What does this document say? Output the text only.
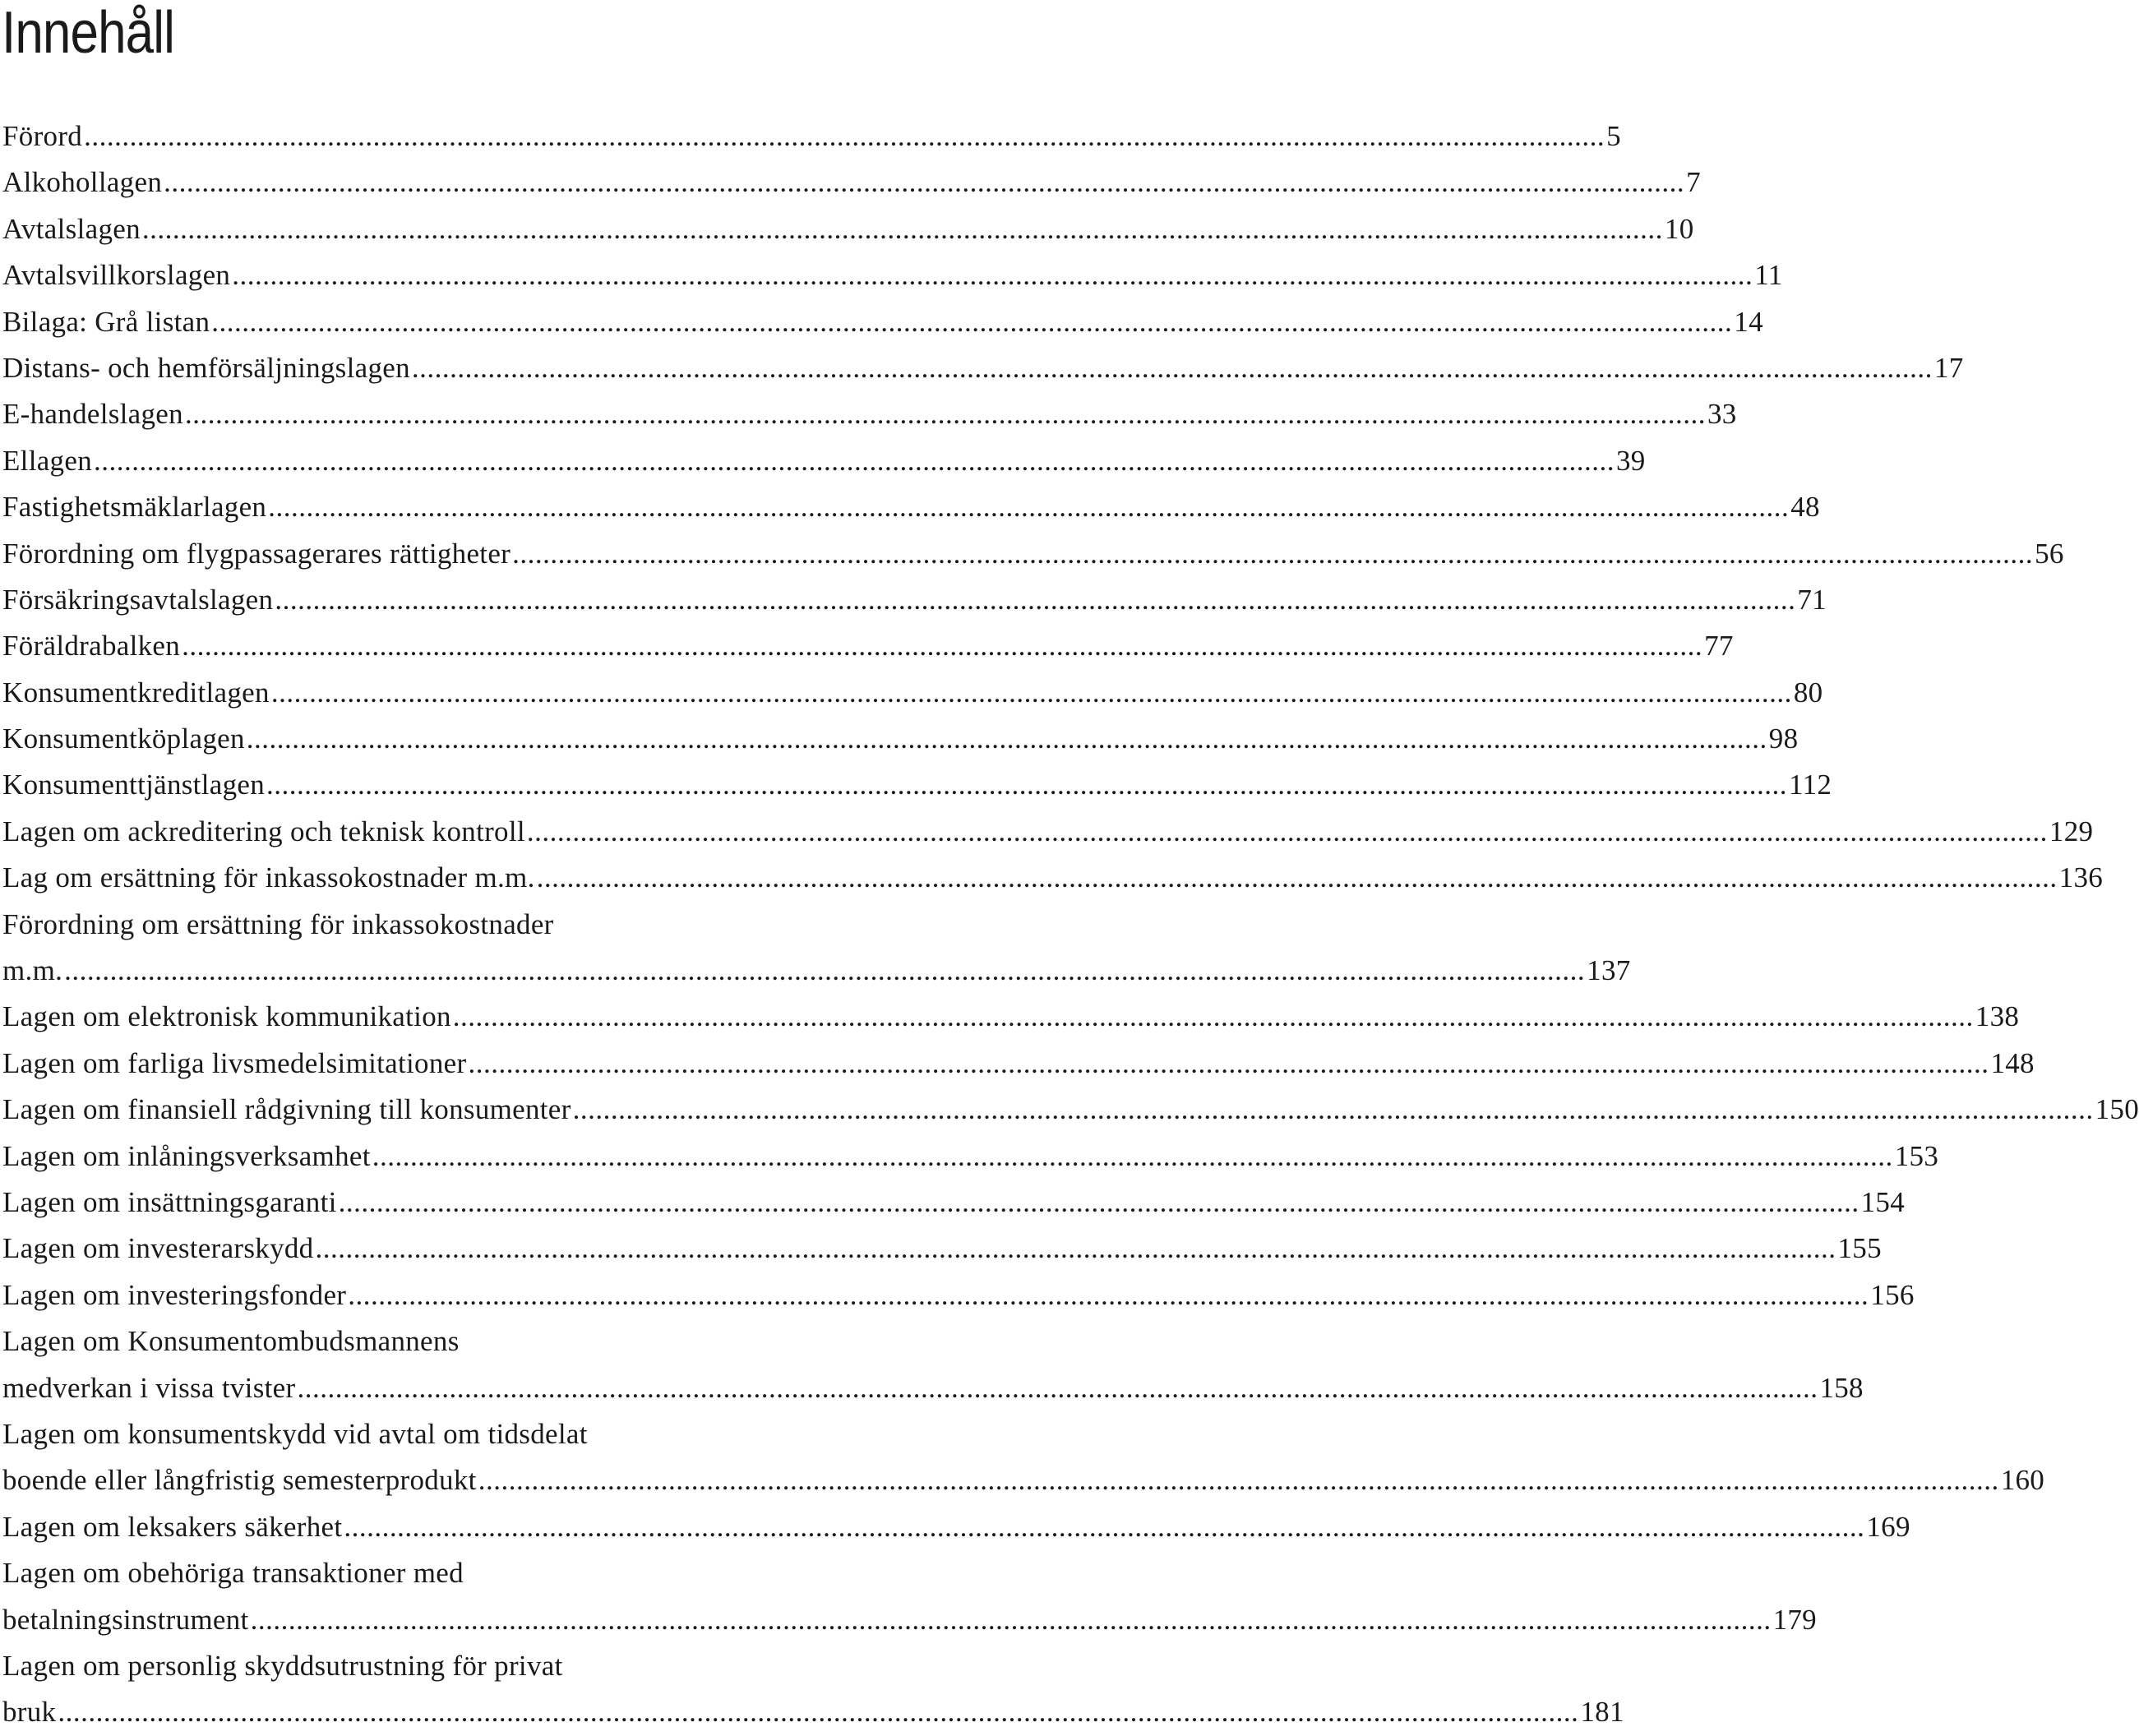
Innehåll
Förord ........................................................................................................................................................................................................ 5
Alkohollagen ........................................................................................................................................................................................................ 7
Avtalslagen ........................................................................................................................................................................................................ 10
Avtalsvillkorslagen ........................................................................................................................................................................................................ 11
Bilaga: Grå listan ........................................................................................................................................................................................................ 14
Distans- och hemförsäljningslagen ........................................................................................................................................................................................................ 17
E-handelslagen ........................................................................................................................................................................................................ 33
Ellagen ........................................................................................................................................................................................................ 39
Fastighetsmäklarlagen ........................................................................................................................................................................................................ 48
Förordning om flygpassagerares rättigheter ........................................................................................................................................................................................................ 56
Försäkringsavtalslagen ........................................................................................................................................................................................................ 71
Föräldrabalken ........................................................................................................................................................................................................ 77
Konsumentkreditlagen ........................................................................................................................................................................................................ 80
Konsumentköplagen ........................................................................................................................................................................................................ 98
Konsumenttjänstlagen ........................................................................................................................................................................................................ 112
Lagen om ackreditering och teknisk kontroll ........................................................................................................................................................................................................ 129
Lag om ersättning för inkassokostnader m.m. ........................................................................................................................................................................................................ 136
Förordning om ersättning för inkassokostnader
m.m. ........................................................................................................................................................................................................ 137
Lagen om elektronisk kommunikation ........................................................................................................................................................................................................ 138
Lagen om farliga livsmedelsimitationer ........................................................................................................................................................................................................ 148
Lagen om finansiell rådgivning till konsumenter ........................................................................................................................................................................................................ 150
Lagen om inlåningsverksamhet ........................................................................................................................................................................................................ 153
Lagen om insättningsgaranti ........................................................................................................................................................................................................ 154
Lagen om investerarskydd ........................................................................................................................................................................................................ 155
Lagen om investeringsfonder ........................................................................................................................................................................................................ 156
Lagen om Konsumentombudsmannens
medverkan i vissa tvister ........................................................................................................................................................................................................ 158
Lagen om konsumentskydd vid avtal om tidsdelat
boende eller långfristig semesterprodukt ........................................................................................................................................................................................................ 160
Lagen om leksakers säkerhet ........................................................................................................................................................................................................ 169
Lagen om obehöriga transaktioner med
betalningsinstrument ........................................................................................................................................................................................................ 179
Lagen om personlig skyddsutrustning för privat
bruk ........................................................................................................................................................................................................ 181
